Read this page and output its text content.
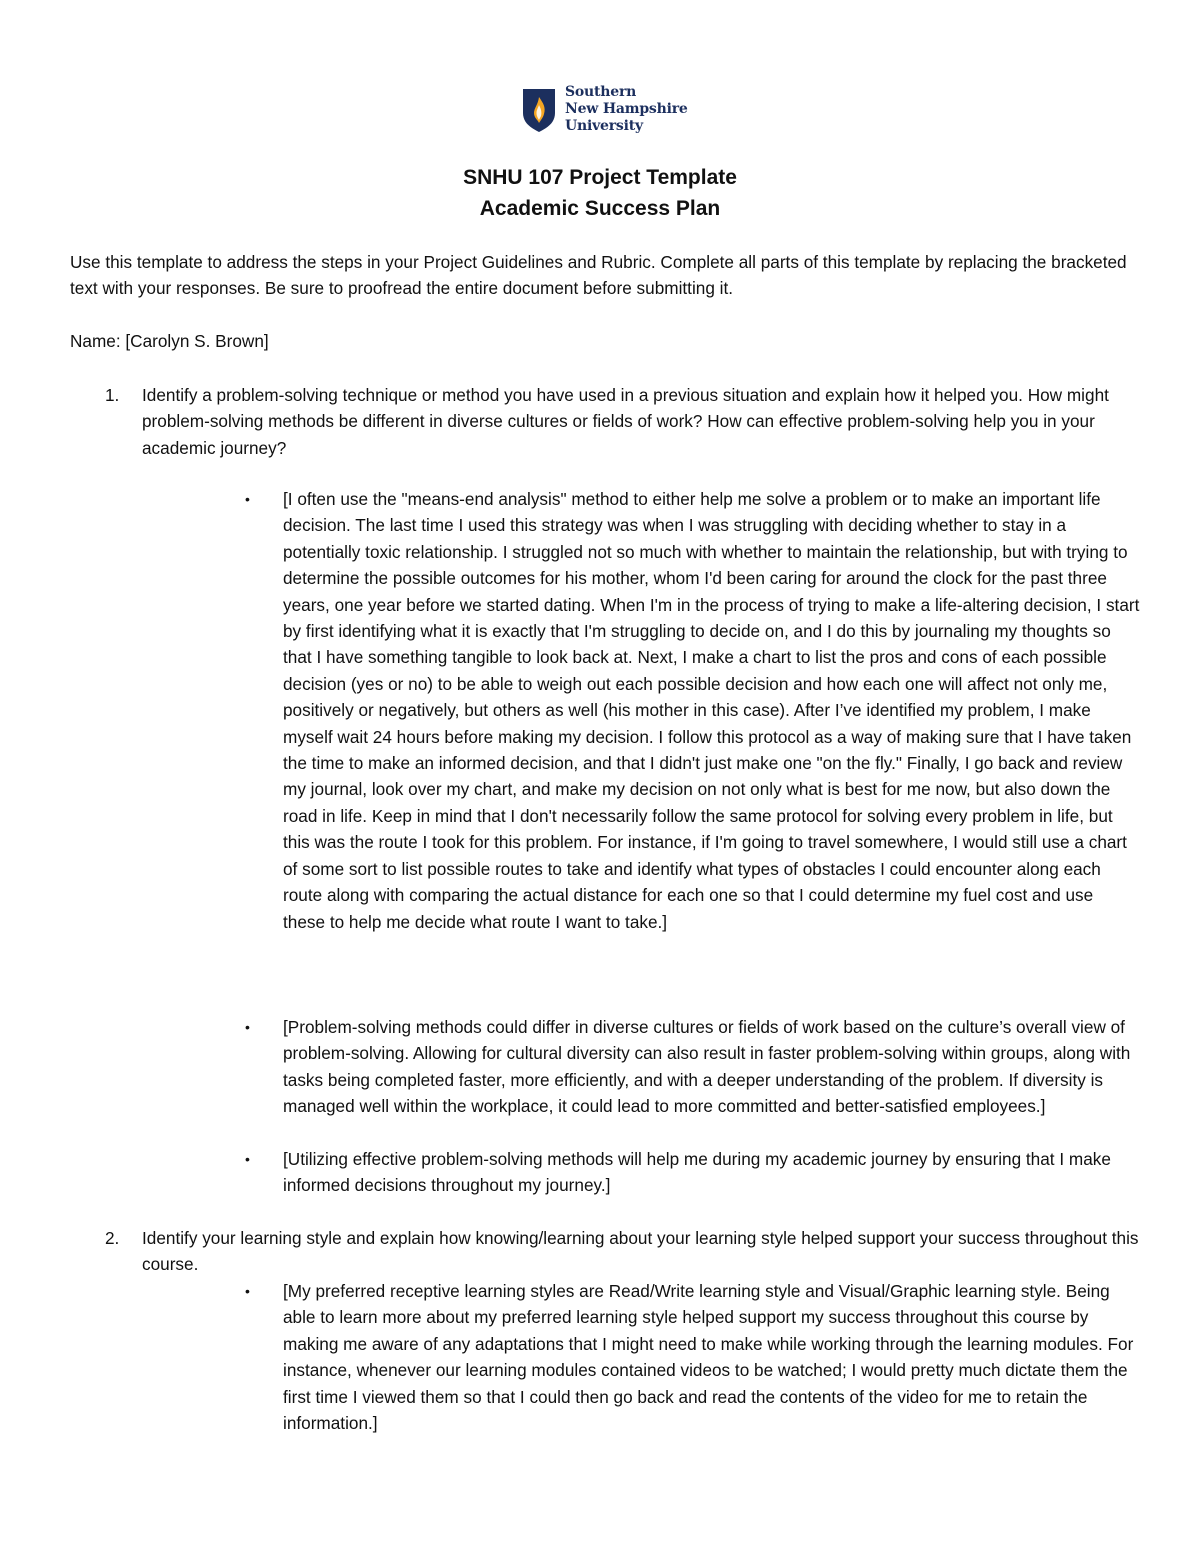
Southern
New Hampshire
University
SNHU 107 Project Template
Academic Success Plan
Use this template to address the steps in your Project Guidelines and Rubric. Complete all parts of this template by replacing the bracketed text with your responses. Be sure to proofread the entire document before submitting it.
Name: [Carolyn S. Brown]
1. Identify a problem-solving technique or method you have used in a previous situation and explain how it helped you. How might problem-solving methods be different in diverse cultures or fields of work? How can effective problem-solving help you in your academic journey?
• [I often use the "means-end analysis" method to either help me solve a problem or to make an important life decision. The last time I used this strategy was when I was struggling with deciding whether to stay in a potentially toxic relationship. I struggled not so much with whether to maintain the relationship, but with trying to determine the possible outcomes for his mother, whom I'd been caring for around the clock for the past three years, one year before we started dating. When I'm in the process of trying to make a life-altering decision, I start by first identifying what it is exactly that I'm struggling to decide on, and I do this by journaling my thoughts so that I have something tangible to look back at. Next, I make a chart to list the pros and cons of each possible decision (yes or no) to be able to weigh out each possible decision and how each one will affect not only me, positively or negatively, but others as well (his mother in this case). After I’ve identified my problem, I make myself wait 24 hours before making my decision. I follow this protocol as a way of making sure that I have taken the time to make an informed decision, and that I didn't just make one "on the fly." Finally, I go back and review my journal, look over my chart, and make my decision on not only what is best for me now, but also down the road in life. Keep in mind that I don't necessarily follow the same protocol for solving every problem in life, but this was the route I took for this problem. For instance, if I'm going to travel somewhere, I would still use a chart of some sort to list possible routes to take and identify what types of obstacles I could encounter along each route along with comparing the actual distance for each one so that I could determine my fuel cost and use these to help me decide what route I want to take.]
• [Problem-solving methods could differ in diverse cultures or fields of work based on the culture’s overall view of problem-solving. Allowing for cultural diversity can also result in faster problem-solving within groups, along with tasks being completed faster, more efficiently, and with a deeper understanding of the problem. If diversity is managed well within the workplace, it could lead to more committed and better-satisfied employees.]
• [Utilizing effective problem-solving methods will help me during my academic journey by ensuring that I make informed decisions throughout my journey.]
2. Identify your learning style and explain how knowing/learning about your learning style helped support your success throughout this course.
• [My preferred receptive learning styles are Read/Write learning style and Visual/Graphic learning style. Being able to learn more about my preferred learning style helped support my success throughout this course by making me aware of any adaptations that I might need to make while working through the learning modules. For instance, whenever our learning modules contained videos to be watched; I would pretty much dictate them the first time I viewed them so that I could then go back and read the contents of the video for me to retain the information.]
